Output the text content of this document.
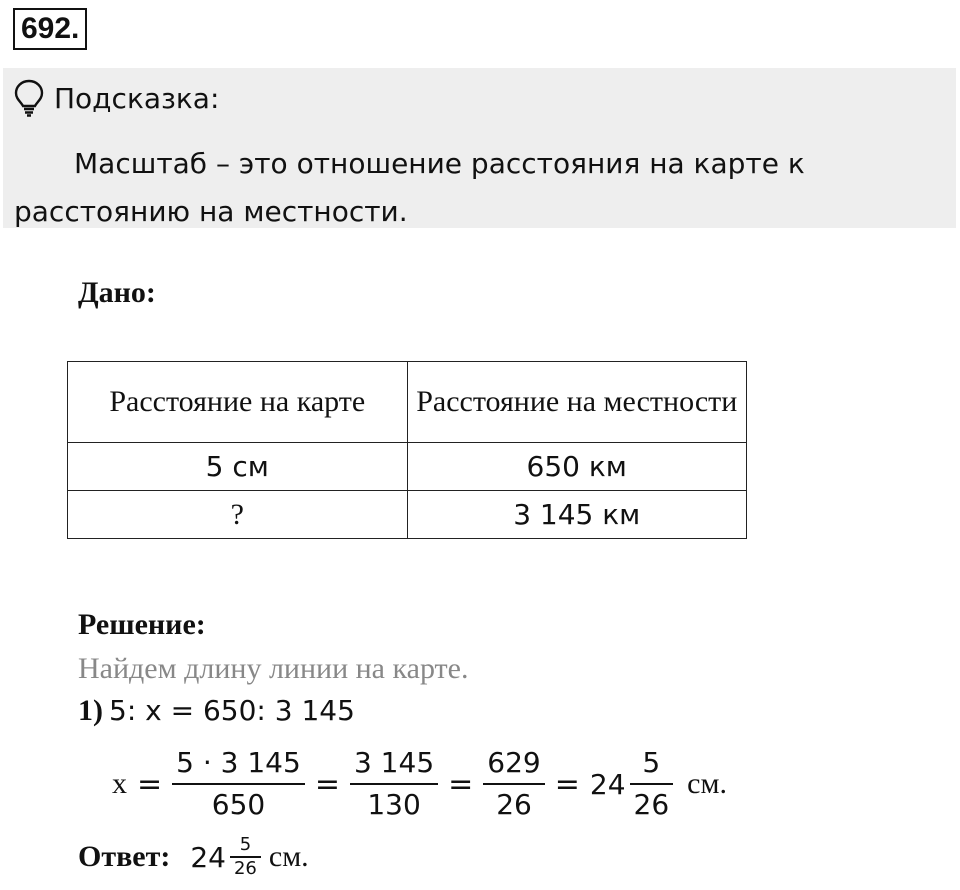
692.
Подсказка:
Масштаб – это отношение расстояния на карте к расстоянию на местности.
Дано:
Расстояние на карте	Расстояние на местности
5 см	650 км
?	3 145 км
Решение:
Найдем длину линии на карте.
1) 5: x = 650: 3 145
$x = \frac{5 \cdot 3 145}{650} = \frac{3 145}{130} = \frac{629}{26} = 24 \frac{5}{26}$ см.
Ответ: $24 \frac{5}{26}$ см.
